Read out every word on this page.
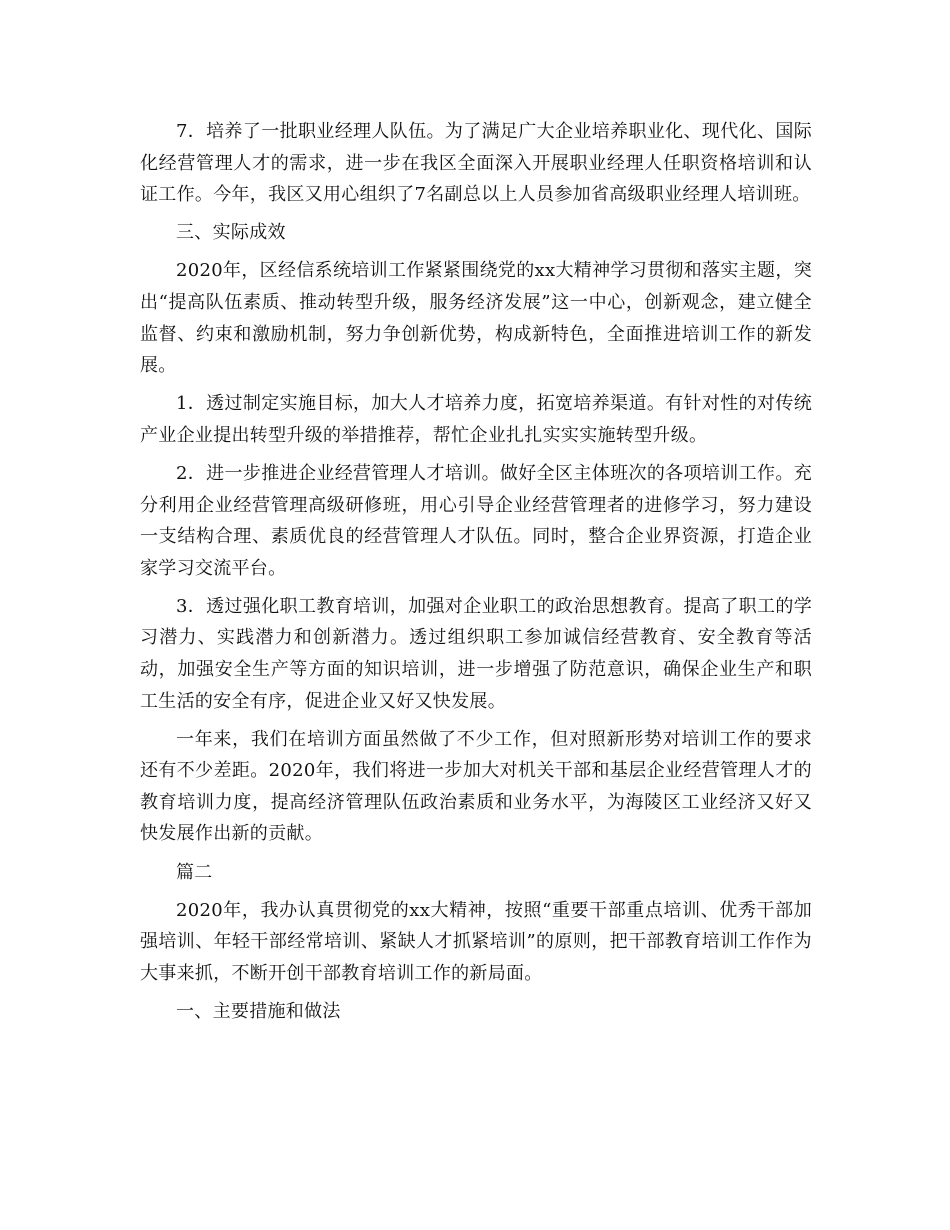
7．培养了一批职业经理人队伍。为了满足广大企业培养职业化、现代化、国际化经营管理人才的需求，进一步在我区全面深入开展职业经理人任职资格培训和认证工作。今年，我区又用心组织了7名副总以上人员参加省高级职业经理人培训班。

三、实际成效

2020年，区经信系统培训工作紧紧围绕党的xx大精神学习贯彻和落实主题，突出“提高队伍素质、推动转型升级，服务经济发展”这一中心，创新观念，建立健全监督、约束和激励机制，努力争创新优势，构成新特色，全面推进培训工作的新发展。

1．透过制定实施目标，加大人才培养力度，拓宽培养渠道。有针对性的对传统产业企业提出转型升级的举措推荐，帮忙企业扎扎实实实施转型升级。

2．进一步推进企业经营管理人才培训。做好全区主体班次的各项培训工作。充分利用企业经营管理高级研修班，用心引导企业经营管理者的进修学习，努力建设一支结构合理、素质优良的经营管理人才队伍。同时，整合企业界资源，打造企业家学习交流平台。

3．透过强化职工教育培训，加强对企业职工的政治思想教育。提高了职工的学习潜力、实践潜力和创新潜力。透过组织职工参加诚信经营教育、安全教育等活动，加强安全生产等方面的知识培训，进一步增强了防范意识，确保企业生产和职工生活的安全有序，促进企业又好又快发展。

一年来，我们在培训方面虽然做了不少工作，但对照新形势对培训工作的要求还有不少差距。2020年，我们将进一步加大对机关干部和基层企业经营管理人才的教育培训力度，提高经济管理队伍政治素质和业务水平，为海陵区工业经济又好又快发展作出新的贡献。

篇二

2020年，我办认真贯彻党的xx大精神，按照“重要干部重点培训、优秀干部加强培训、年轻干部经常培训、紧缺人才抓紧培训”的原则，把干部教育培训工作作为大事来抓，不断开创干部教育培训工作的新局面。

一、主要措施和做法
